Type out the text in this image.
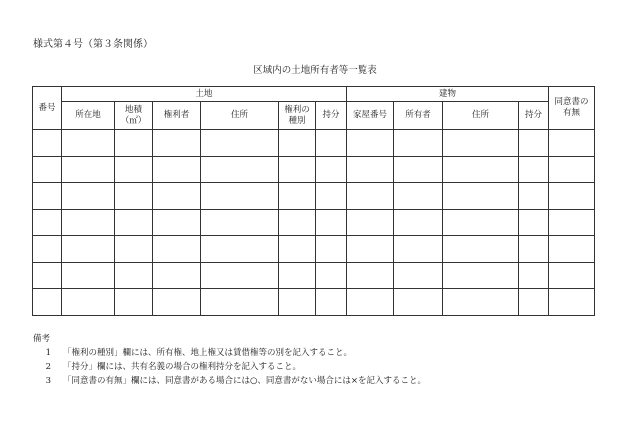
様式第４号（第３条関係）
区域内の土地所有者等一覧表
番号	土地						建物				同意書の有無
	所在地	地積（㎡）	権利者	住所	権利の種別	持分	家屋番号	所有者	住所	持分	

備考
1	「権利の種別」欄には、所有権、地上権又は賃借権等の別を記入すること。
2	「持分」欄には、共有名義の場合の権利持分を記入すること。
3	「同意書の有無」欄には、同意書がある場合には○、同意書がない場合には×を記入すること。
